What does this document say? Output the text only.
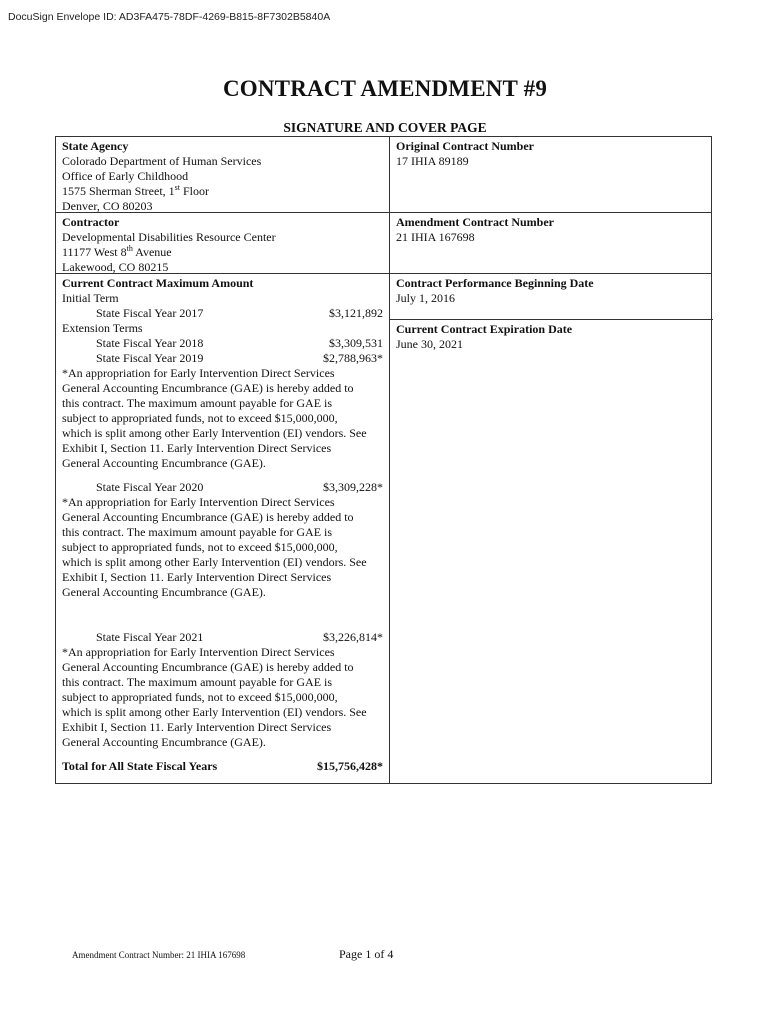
DocuSign Envelope ID: AD3FA475-78DF-4269-B815-8F7302B5840A
CONTRACT AMENDMENT #9
SIGNATURE AND COVER PAGE
State Agency
Colorado Department of Human Services
Office of Early Childhood
1575 Sherman Street, 1st Floor
Denver, CO 80203
Original Contract Number
17 IHIA 89189
Contractor
Developmental Disabilities Resource Center
11177 West 8th Avenue
Lakewood, CO 80215
Amendment Contract Number
21 IHIA 167698
Current Contract Maximum Amount
Initial Term
State Fiscal Year 2017	$3,121,892
Extension Terms
State Fiscal Year 2018	$3,309,531
State Fiscal Year 2019	$2,788,963*
*An appropriation for Early Intervention Direct Services
General Accounting Encumbrance (GAE) is hereby added to
this contract. The maximum amount payable for GAE is
subject to appropriated funds, not to exceed $15,000,000,
which is split among other Early Intervention (EI) vendors. See
Exhibit I, Section 11. Early Intervention Direct Services
General Accounting Encumbrance (GAE).
State Fiscal Year 2020	$3,309,228*
*An appropriation for Early Intervention Direct Services
General Accounting Encumbrance (GAE) is hereby added to
this contract. The maximum amount payable for GAE is
subject to appropriated funds, not to exceed $15,000,000,
which is split among other Early Intervention (EI) vendors. See
Exhibit I, Section 11. Early Intervention Direct Services
General Accounting Encumbrance (GAE).
State Fiscal Year 2021	$3,226,814*
*An appropriation for Early Intervention Direct Services
General Accounting Encumbrance (GAE) is hereby added to
this contract. The maximum amount payable for GAE is
subject to appropriated funds, not to exceed $15,000,000,
which is split among other Early Intervention (EI) vendors. See
Exhibit I, Section 11. Early Intervention Direct Services
General Accounting Encumbrance (GAE).
Total for All State Fiscal Years	$15,756,428*
Contract Performance Beginning Date
July 1, 2016
Current Contract Expiration Date
June 30, 2021
Amendment Contract Number: 21 IHIA 167698	Page 1 of 4
